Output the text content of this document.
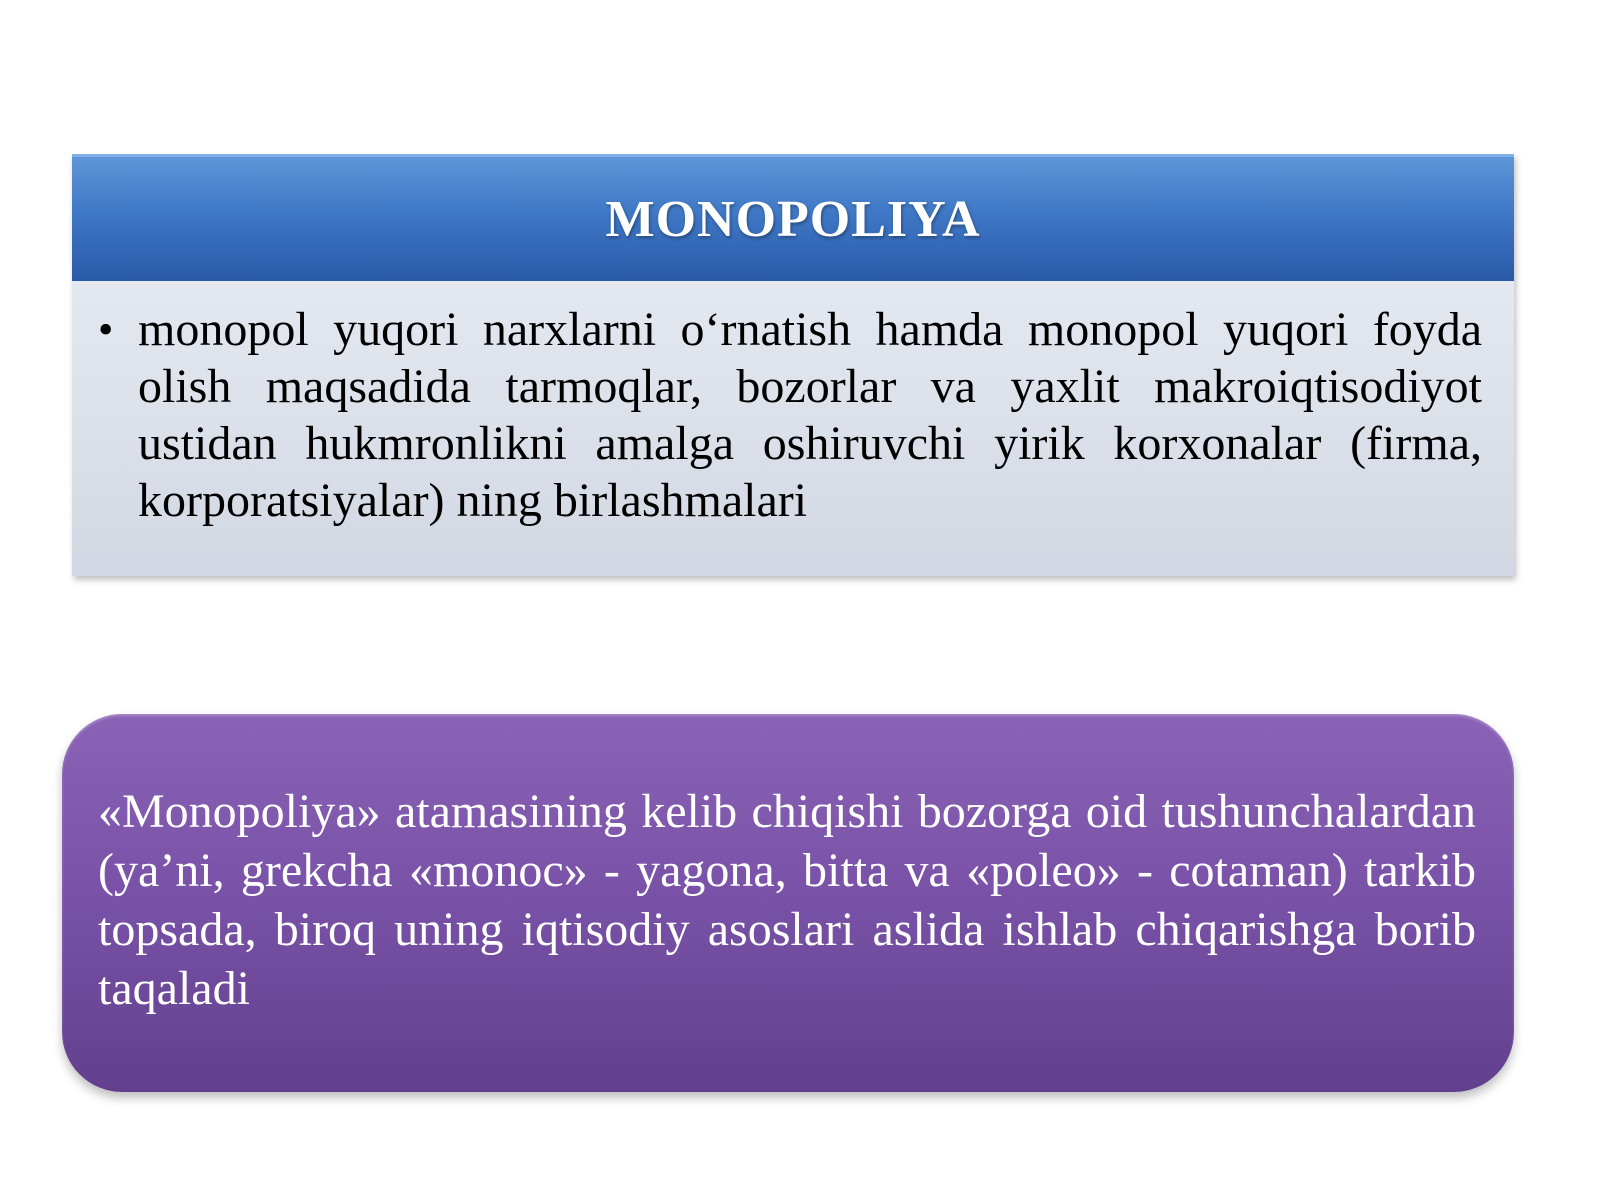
MONOPOLIYA
• monopol yuqori narxlarni o‘rnatish hamda monopol yuqori foyda olish maqsadida tarmoqlar, bozorlar va yaxlit makroiqtisodiyot ustidan hukmronlikni amalga oshiruvchi yirik korxonalar (firma, korporatsiyalar) ning birlashmalari
«Monopoliya» atamasining kelib chiqishi bozorga oid tushunchalardan (ya’ni, grekcha «monoc» - yagona, bitta va «poleo» - cotaman) tarkib topsada, biroq uning iqtisodiy asoslari aslida ishlab chiqarishga borib taqaladi
